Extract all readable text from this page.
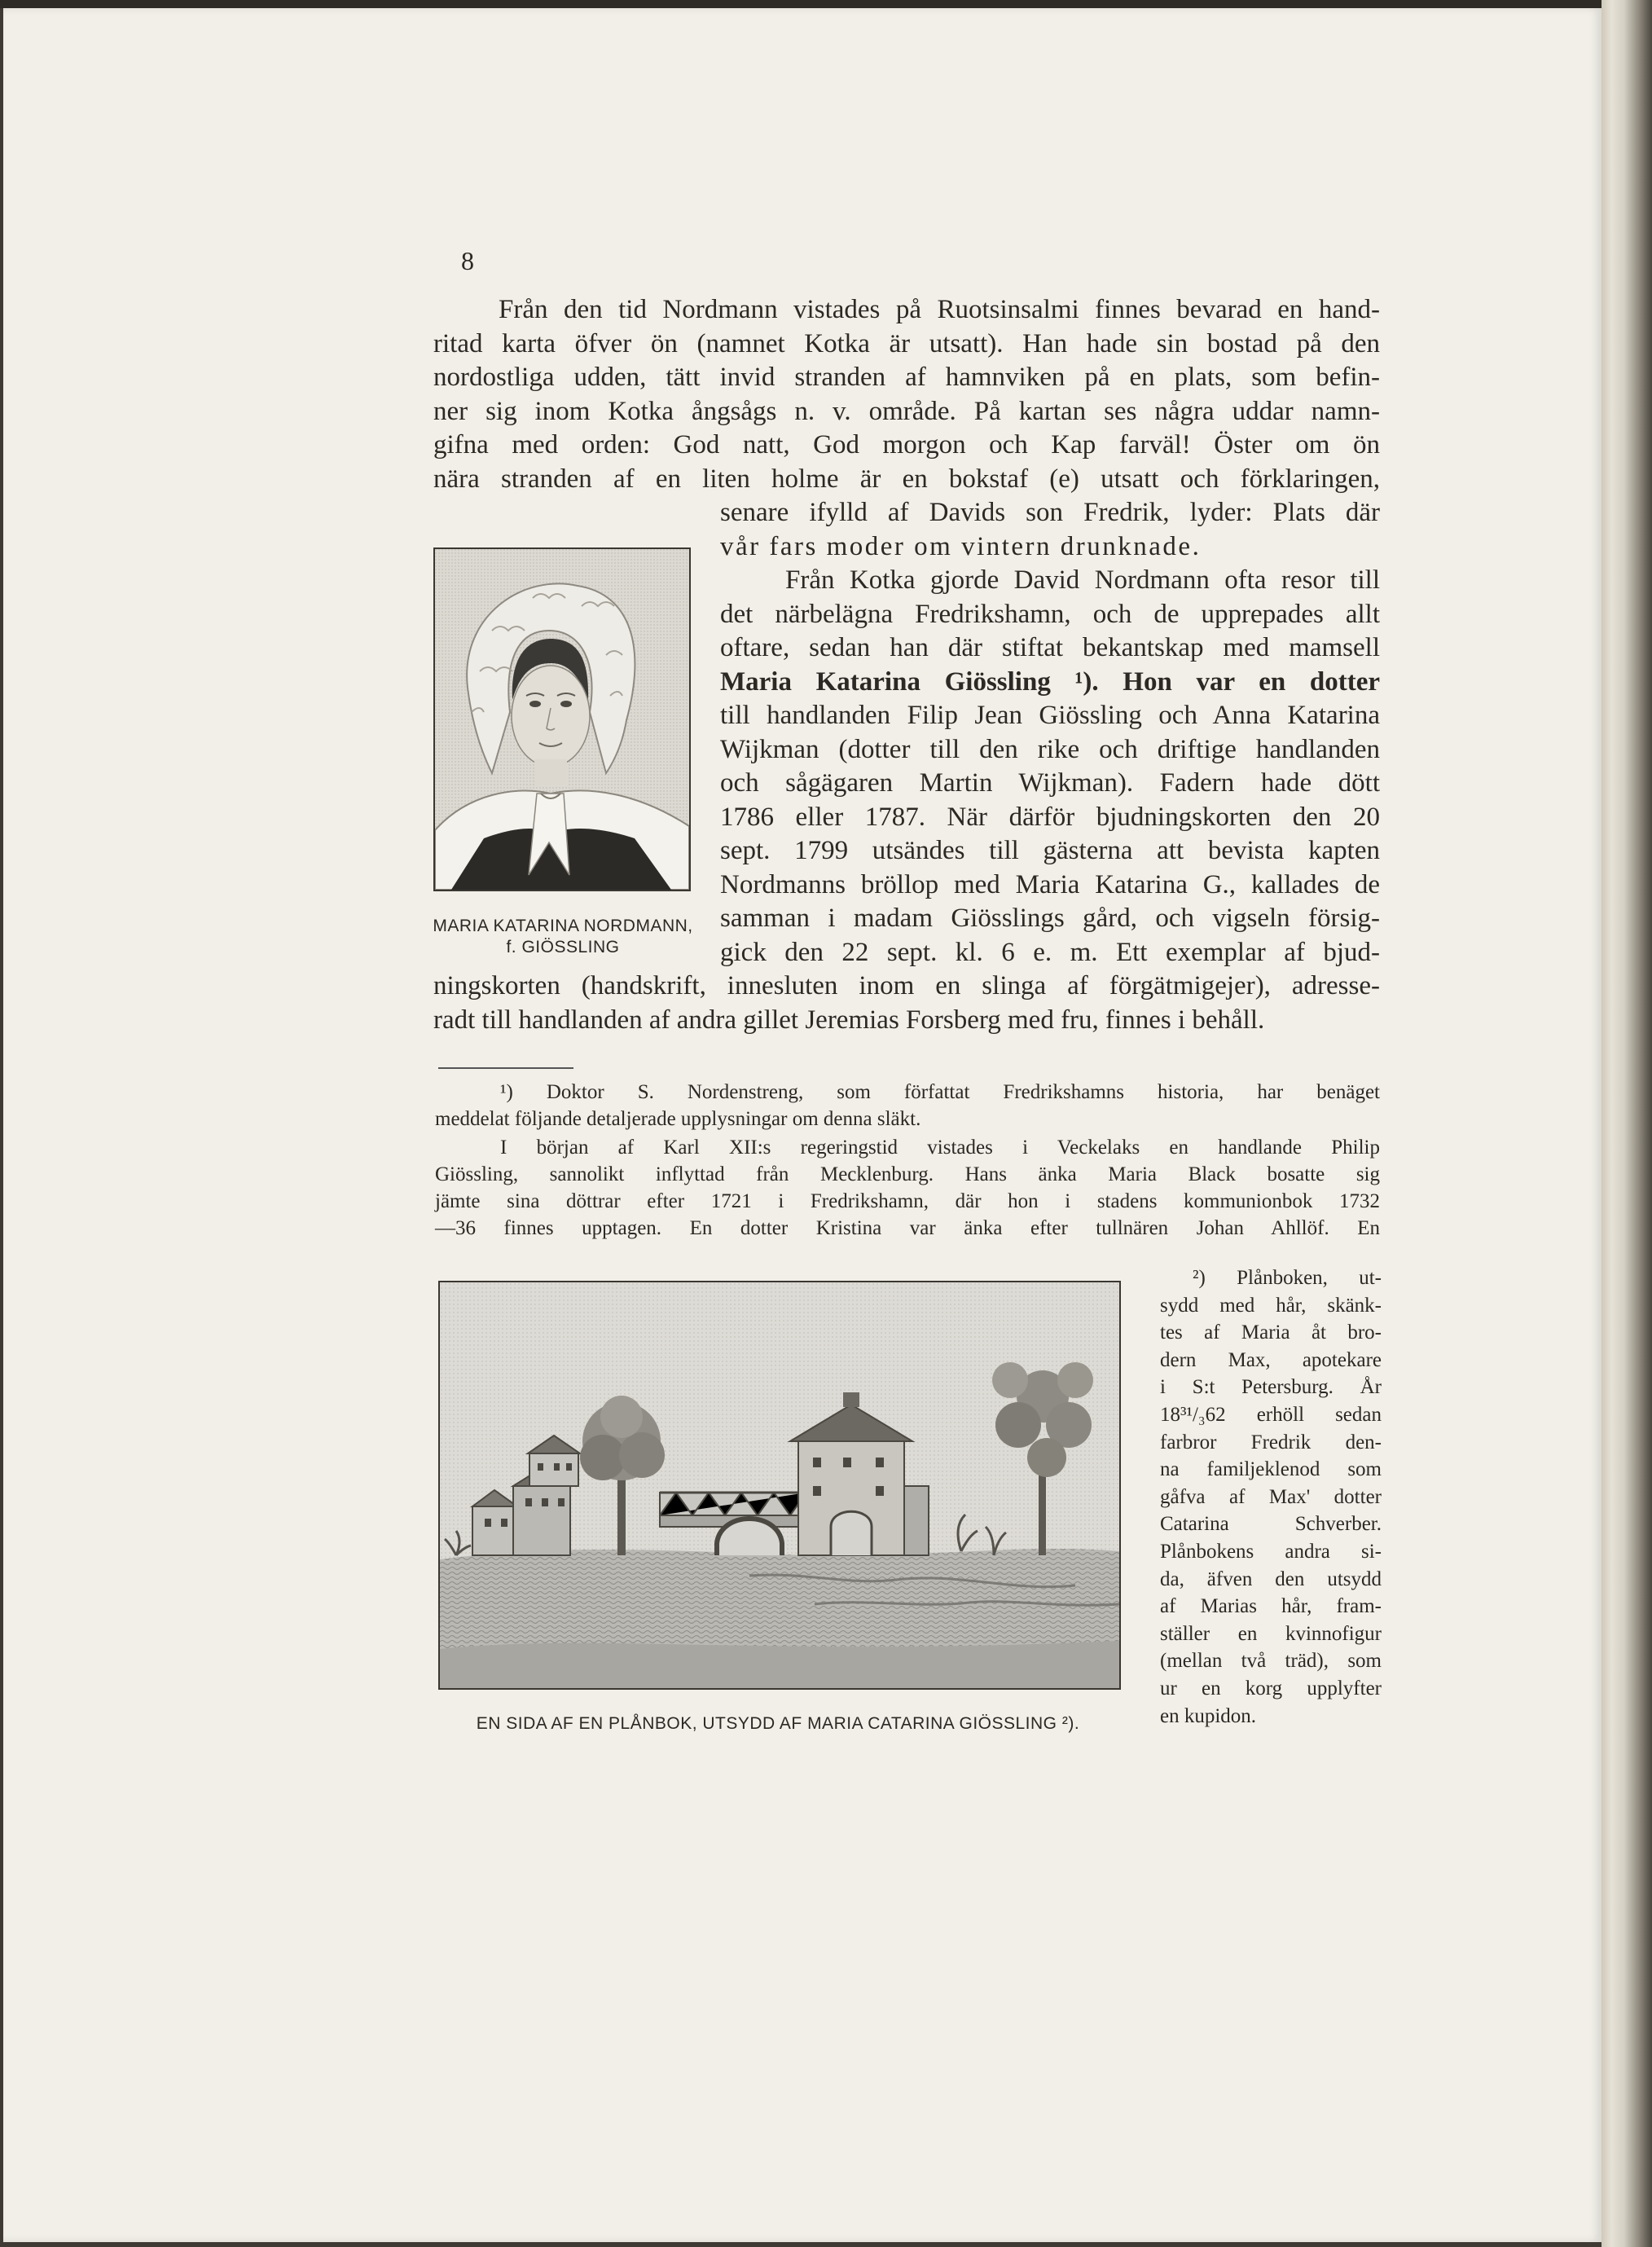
8
Från den tid Nordmann vistades på Ruotsinsalmi finnes bevarad en hand-
ritad karta öfver ön (namnet Kotka är utsatt). Han hade sin bostad på den
nordostliga udden, tätt invid stranden af hamnviken på en plats, som befin-
ner sig inom Kotka ångsågs n. v. område. På kartan ses några uddar namn-
gifna med orden: God natt, God morgon och Kap farväl! Öster om ön
nära stranden af en liten holme är en bokstaf (e) utsatt och förklaringen,
MARIA KATARINA NORDMANN,
f. GIÖSSLING
senare ifylld af Davids son Fredrik, lyder: Plats där
vår fars moder om vintern drunknade.
Från Kotka gjorde David Nordmann ofta resor till
det närbelägna Fredrikshamn, och de upprepades allt
oftare, sedan han där stiftat bekantskap med mamsell
Maria Katarina Giössling ¹). Hon var en dotter
till handlanden Filip Jean Giössling och Anna Katarina
Wijkman (dotter till den rike och driftige handlanden
och sågägaren Martin Wijkman). Fadern hade dött
1786 eller 1787. När därför bjudningskorten den 20
sept. 1799 utsändes till gästerna att bevista kapten
Nordmanns bröllop med Maria Katarina G., kallades de
samman i madam Giösslings gård, och vigseln försig-
gick den 22 sept. kl. 6 e. m. Ett exemplar af bjud-
ningskorten (handskrift, innesluten inom en slinga af förgätmigejer), adresse-
radt till handlanden af andra gillet Jeremias Forsberg med fru, finnes i behåll.
¹) Doktor S. Nordenstreng, som författat Fredrikshamns historia, har benäget
meddelat följande detaljerade upplysningar om denna släkt.
I början af Karl XII:s regeringstid vistades i Veckelaks en handlande Philip
Giössling, sannolikt inflyttad från Mecklenburg. Hans änka Maria Black bosatte sig
jämte sina döttrar efter 1721 i Fredrikshamn, där hon i stadens kommunionbok 1732
—36 finnes upptagen. En dotter Kristina var änka efter tullnären Johan Ahllöf. En
EN SIDA AF EN PLÅNBOK, UTSYDD AF MARIA CATARINA GIÖSSLING ²).
²) Plånboken, ut-
sydd med hår, skänk-
tes af Maria åt bro-
dern Max, apotekare
i S:t Petersburg. År
18³¹/₃62 erhöll sedan
farbror Fredrik den-
na familjeklenod som
gåfva af Max' dotter
Catarina Schverber.
Plånbokens andra si-
da, äfven den utsydd
af Marias hår, fram-
ställer en kvinnofigur
(mellan två träd), som
ur en korg upplyfter
en kupidon.
